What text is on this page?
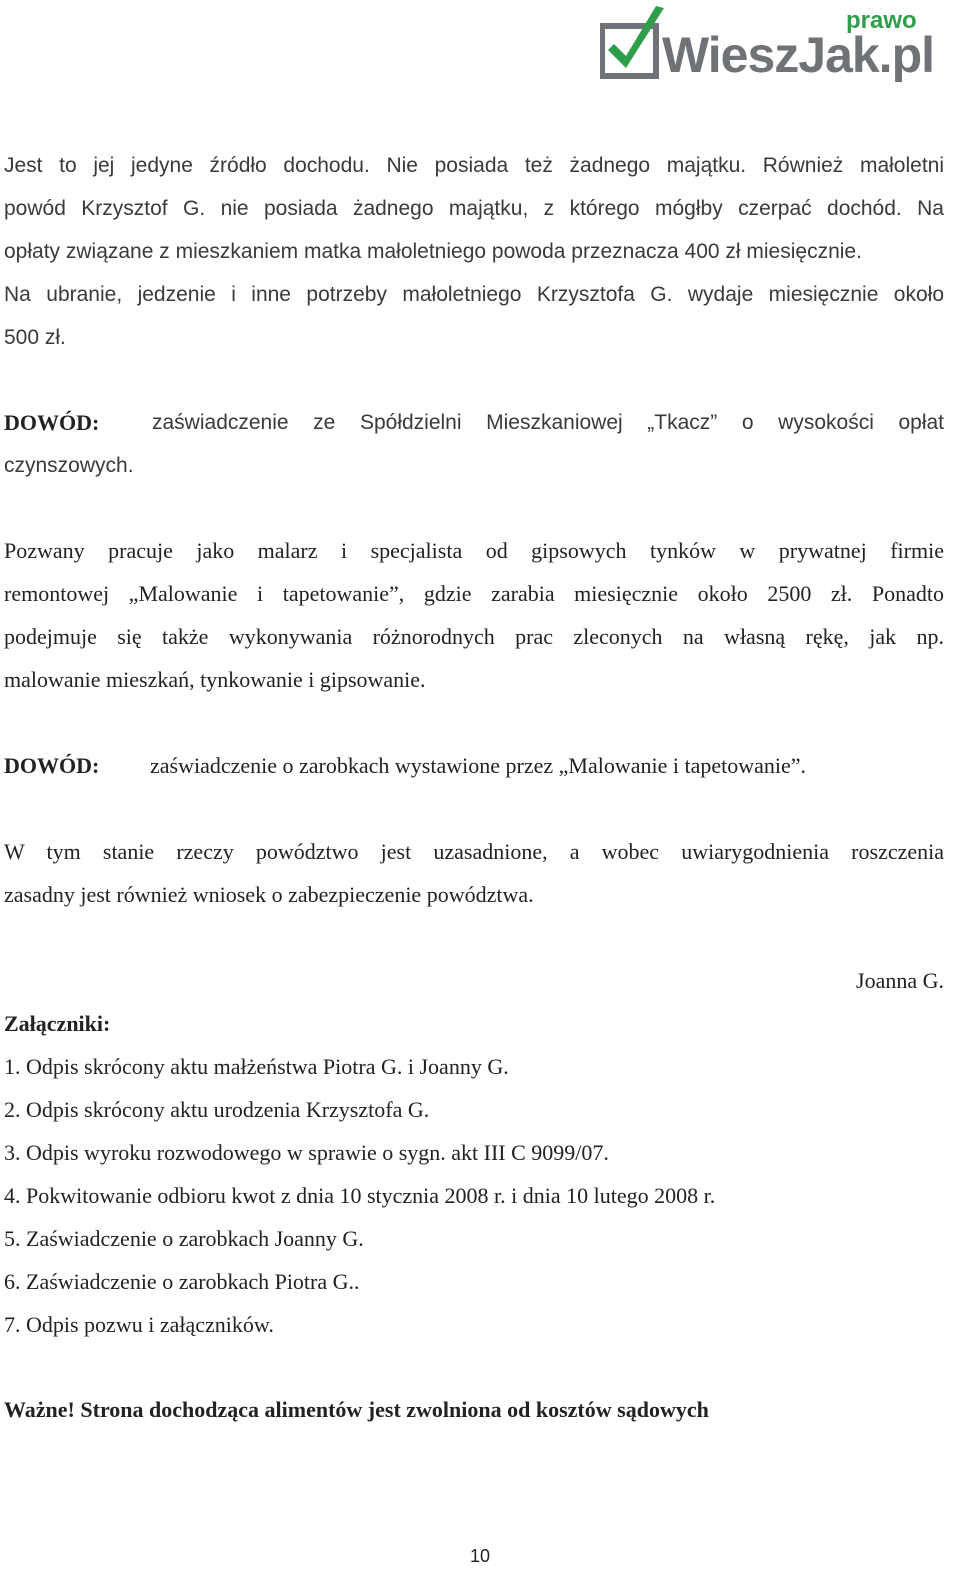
prawo
WieszJak.pl
Jest to jej jedyne źródło dochodu. Nie posiada też żadnego majątku. Również małoletni
powód Krzysztof G. nie posiada żadnego majątku, z którego mógłby czerpać dochód. Na
opłaty związane z mieszkaniem matka małoletniego powoda przeznacza 400 zł miesięcznie.
Na ubranie, jedzenie i inne potrzeby małoletniego Krzysztofa G. wydaje miesięcznie około
500 zł.
DOWÓD:	zaświadczenie ze Spółdzielni Mieszkaniowej „Tkacz” o wysokości opłat
czynszowych.
Pozwany pracuje jako malarz i specjalista od gipsowych tynków w prywatnej firmie
remontowej „Malowanie i tapetowanie”, gdzie zarabia miesięcznie około 2500 zł. Ponadto
podejmuje się także wykonywania różnorodnych prac zleconych na własną rękę, jak np.
malowanie mieszkań, tynkowanie i gipsowanie.
DOWÓD: zaświadczenie o zarobkach wystawione przez „Malowanie i tapetowanie”.
W tym stanie rzeczy powództwo jest uzasadnione, a wobec uwiarygodnienia roszczenia
zasadny jest również wniosek o zabezpieczenie powództwa.
Joanna G.
Załączniki:
1. Odpis skrócony aktu małżeństwa Piotra G. i Joanny G.
2. Odpis skrócony aktu urodzenia Krzysztofa G.
3. Odpis wyroku rozwodowego w sprawie o sygn. akt III C 9099/07.
4. Pokwitowanie odbioru kwot z dnia 10 stycznia 2008 r. i dnia 10 lutego 2008 r.
5. Zaświadczenie o zarobkach Joanny G.
6. Zaświadczenie o zarobkach Piotra G..
7. Odpis pozwu i załączników.
Ważne! Strona dochodząca alimentów jest zwolniona od kosztów sądowych
10
